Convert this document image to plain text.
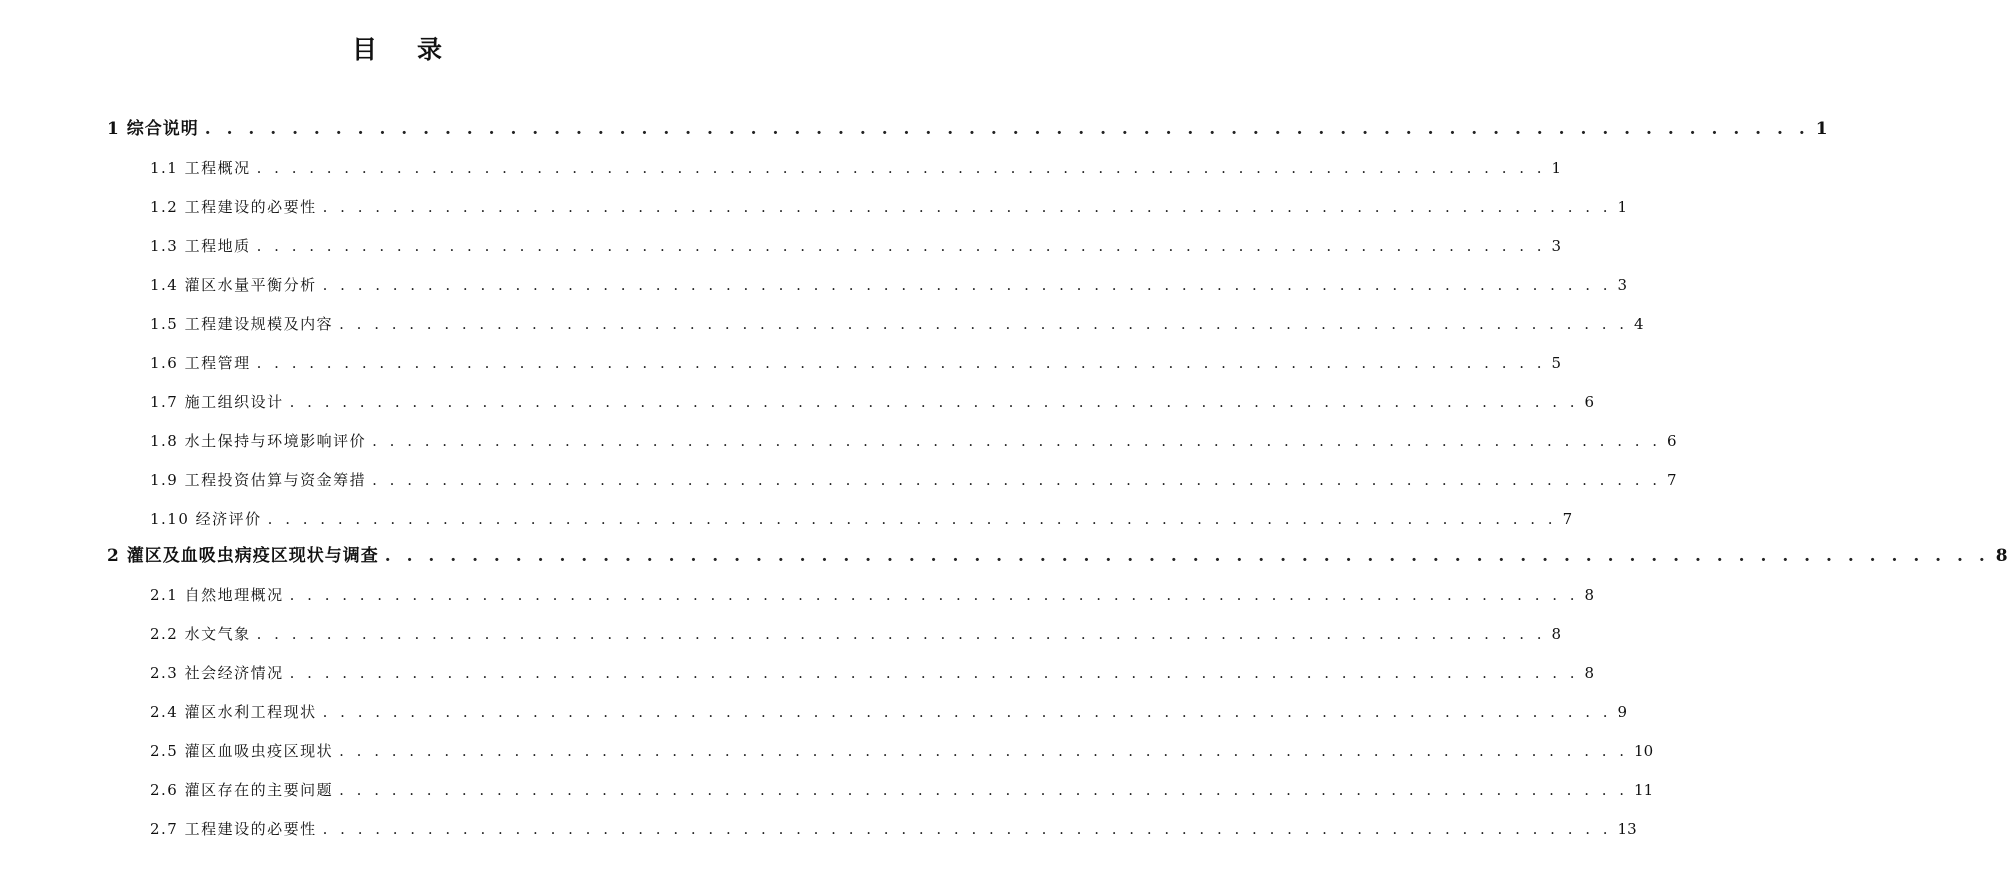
目 录
1 综合说明 . . . . . . . . . . . . . . . . . . . . . . . . . . . . . . . . . . . . . . . . . . . . . . . . . . . . . . . . . . . . . . . . . . . . . . . . . . 1
1.1 工程概况 . . . . . . . . . . . . . . . . . . . . . . . . . . . . . . . . . . . . . . . . . . . . . . . . . . . . . . . . . . . . . . . . . . . . . . . . . . 1
1.2 工程建设的必要性 . . . . . . . . . . . . . . . . . . . . . . . . . . . . . . . . . . . . . . . . . . . . . . . . . . . . . . . . . . . . . . . . . . . . . . . . . . 1
1.3 工程地质 . . . . . . . . . . . . . . . . . . . . . . . . . . . . . . . . . . . . . . . . . . . . . . . . . . . . . . . . . . . . . . . . . . . . . . . . . . 3
1.4 灌区水量平衡分析 . . . . . . . . . . . . . . . . . . . . . . . . . . . . . . . . . . . . . . . . . . . . . . . . . . . . . . . . . . . . . . . . . . . . . . . . . . 3
1.5 工程建设规模及内容 . . . . . . . . . . . . . . . . . . . . . . . . . . . . . . . . . . . . . . . . . . . . . . . . . . . . . . . . . . . . . . . . . . . . . . . . . . 4
1.6 工程管理 . . . . . . . . . . . . . . . . . . . . . . . . . . . . . . . . . . . . . . . . . . . . . . . . . . . . . . . . . . . . . . . . . . . . . . . . . . 5
1.7 施工组织设计 . . . . . . . . . . . . . . . . . . . . . . . . . . . . . . . . . . . . . . . . . . . . . . . . . . . . . . . . . . . . . . . . . . . . . . . . . . 6
1.8 水土保持与环境影响评价 . . . . . . . . . . . . . . . . . . . . . . . . . . . . . . . . . . . . . . . . . . . . . . . . . . . . . . . . . . . . . . . . . . . . . . . . . . 6
1.9 工程投资估算与资金筹措 . . . . . . . . . . . . . . . . . . . . . . . . . . . . . . . . . . . . . . . . . . . . . . . . . . . . . . . . . . . . . . . . . . . . . . . . . . 7
1.10 经济评价 . . . . . . . . . . . . . . . . . . . . . . . . . . . . . . . . . . . . . . . . . . . . . . . . . . . . . . . . . . . . . . . . . . . . . . . . . . 7
2 灌区及血吸虫病疫区现状与调查 . . . . . . . . . . . . . . . . . . . . . . . . . . . . . . . . . . . . . . . . . . . . . . . . . . . . . . . . . . . . . . . . . . . . . . . . . . 8
2.1 自然地理概况 . . . . . . . . . . . . . . . . . . . . . . . . . . . . . . . . . . . . . . . . . . . . . . . . . . . . . . . . . . . . . . . . . . . . . . . . . . 8
2.2 水文气象 . . . . . . . . . . . . . . . . . . . . . . . . . . . . . . . . . . . . . . . . . . . . . . . . . . . . . . . . . . . . . . . . . . . . . . . . . . 8
2.3 社会经济情况 . . . . . . . . . . . . . . . . . . . . . . . . . . . . . . . . . . . . . . . . . . . . . . . . . . . . . . . . . . . . . . . . . . . . . . . . . . 8
2.4 灌区水利工程现状 . . . . . . . . . . . . . . . . . . . . . . . . . . . . . . . . . . . . . . . . . . . . . . . . . . . . . . . . . . . . . . . . . . . . . . . . . . 9
2.5 灌区血吸虫疫区现状 . . . . . . . . . . . . . . . . . . . . . . . . . . . . . . . . . . . . . . . . . . . . . . . . . . . . . . . . . . . . . . . . . . . . . . . . . . 10
2.6 灌区存在的主要问题 . . . . . . . . . . . . . . . . . . . . . . . . . . . . . . . . . . . . . . . . . . . . . . . . . . . . . . . . . . . . . . . . . . . . . . . . . . 11
2.7 工程建设的必要性 . . . . . . . . . . . . . . . . . . . . . . . . . . . . . . . . . . . . . . . . . . . . . . . . . . . . . . . . . . . . . . . . . . . . . . . . . . 13
